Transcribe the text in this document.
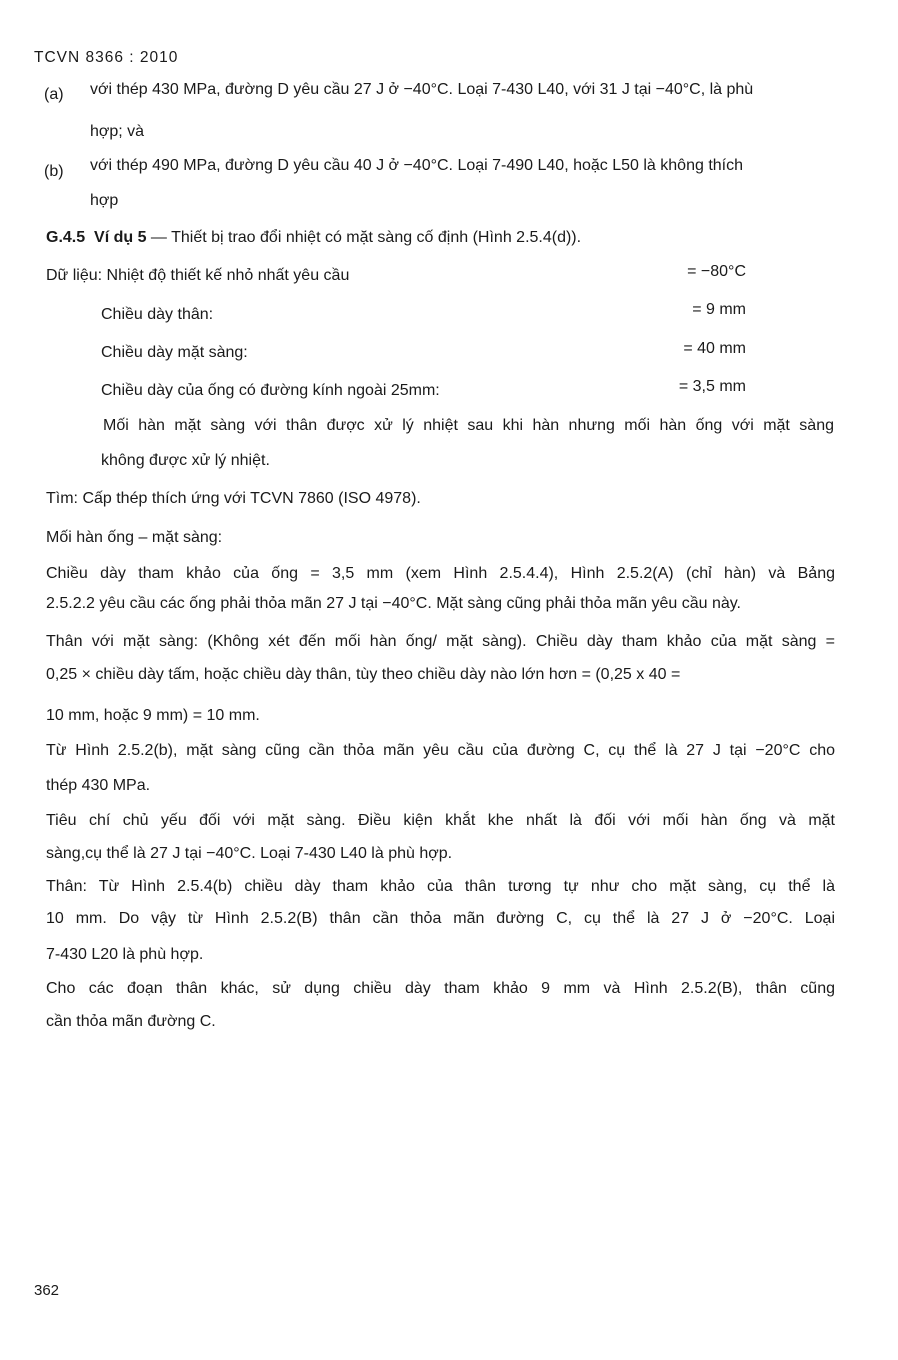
TCVN 8366 : 2010
(a) với thép 430 MPa, đường D yêu cầu 27 J ở −40°C. Loại 7-430 L40, với 31 J tại −40°C, là phù
hợp; và
(b) với thép 490 MPa, đường D yêu cầu 40 J ở −40°C. Loại 7-490 L40, hoặc L50 là không thích
hợp
G.4.5 Ví dụ 5 — Thiết bị trao đổi nhiệt có mặt sàng cố định (Hình 2.5.4(d)).
Dữ liệu: Nhiệt độ thiết kế nhỏ nhất yêu cầu	= −80°C
Chiều dày thân:	= 9 mm
Chiều dày mặt sàng:	= 40 mm
Chiều dày của ống có đường kính ngoài 25mm:	= 3,5 mm
Mối hàn mặt sàng với thân được xử lý nhiệt sau khi hàn nhưng mối hàn ống với mặt sàng
không được xử lý nhiệt.
Tìm: Cấp thép thích ứng với TCVN 7860 (ISO 4978).
Mối hàn ống – mặt sàng:
Chiều dày tham khảo của ống = 3,5 mm (xem Hình 2.5.4.4), Hình 2.5.2(A) (chỉ hàn) và Bảng
2.5.2.2 yêu cầu các ống phải thỏa mãn 27 J tại −40°C. Mặt sàng cũng phải thỏa mãn yêu cầu này.
Thân với mặt sàng: (Không xét đến mối hàn ống/ mặt sàng). Chiều dày tham khảo của mặt sàng =
0,25 × chiều dày tấm, hoặc chiều dày thân, tùy theo chiều dày nào lớn hơn = (0,25 x 40 =
10 mm, hoặc 9 mm) = 10 mm.
Từ Hình 2.5.2(b), mặt sàng cũng cần thỏa mãn yêu cầu của đường C, cụ thể là 27 J tại −20°C cho
thép 430 MPa.
Tiêu chí chủ yếu đối với mặt sàng. Điều kiện khắt khe nhất là đối với mối hàn ống và mặt
sàng,cụ thể là 27 J tại −40°C. Loại 7-430 L40 là phù hợp.
Thân: Từ Hình 2.5.4(b) chiều dày tham khảo của thân tương tự như cho mặt sàng, cụ thể là
10 mm. Do vậy từ Hình 2.5.2(B) thân cần thỏa mãn đường C, cụ thể là 27 J ở −20°C. Loại
7-430 L20 là phù hợp.
Cho các đoạn thân khác, sử dụng chiều dày tham khảo 9 mm và Hình 2.5.2(B), thân cũng
cần thỏa mãn đường C.
362
